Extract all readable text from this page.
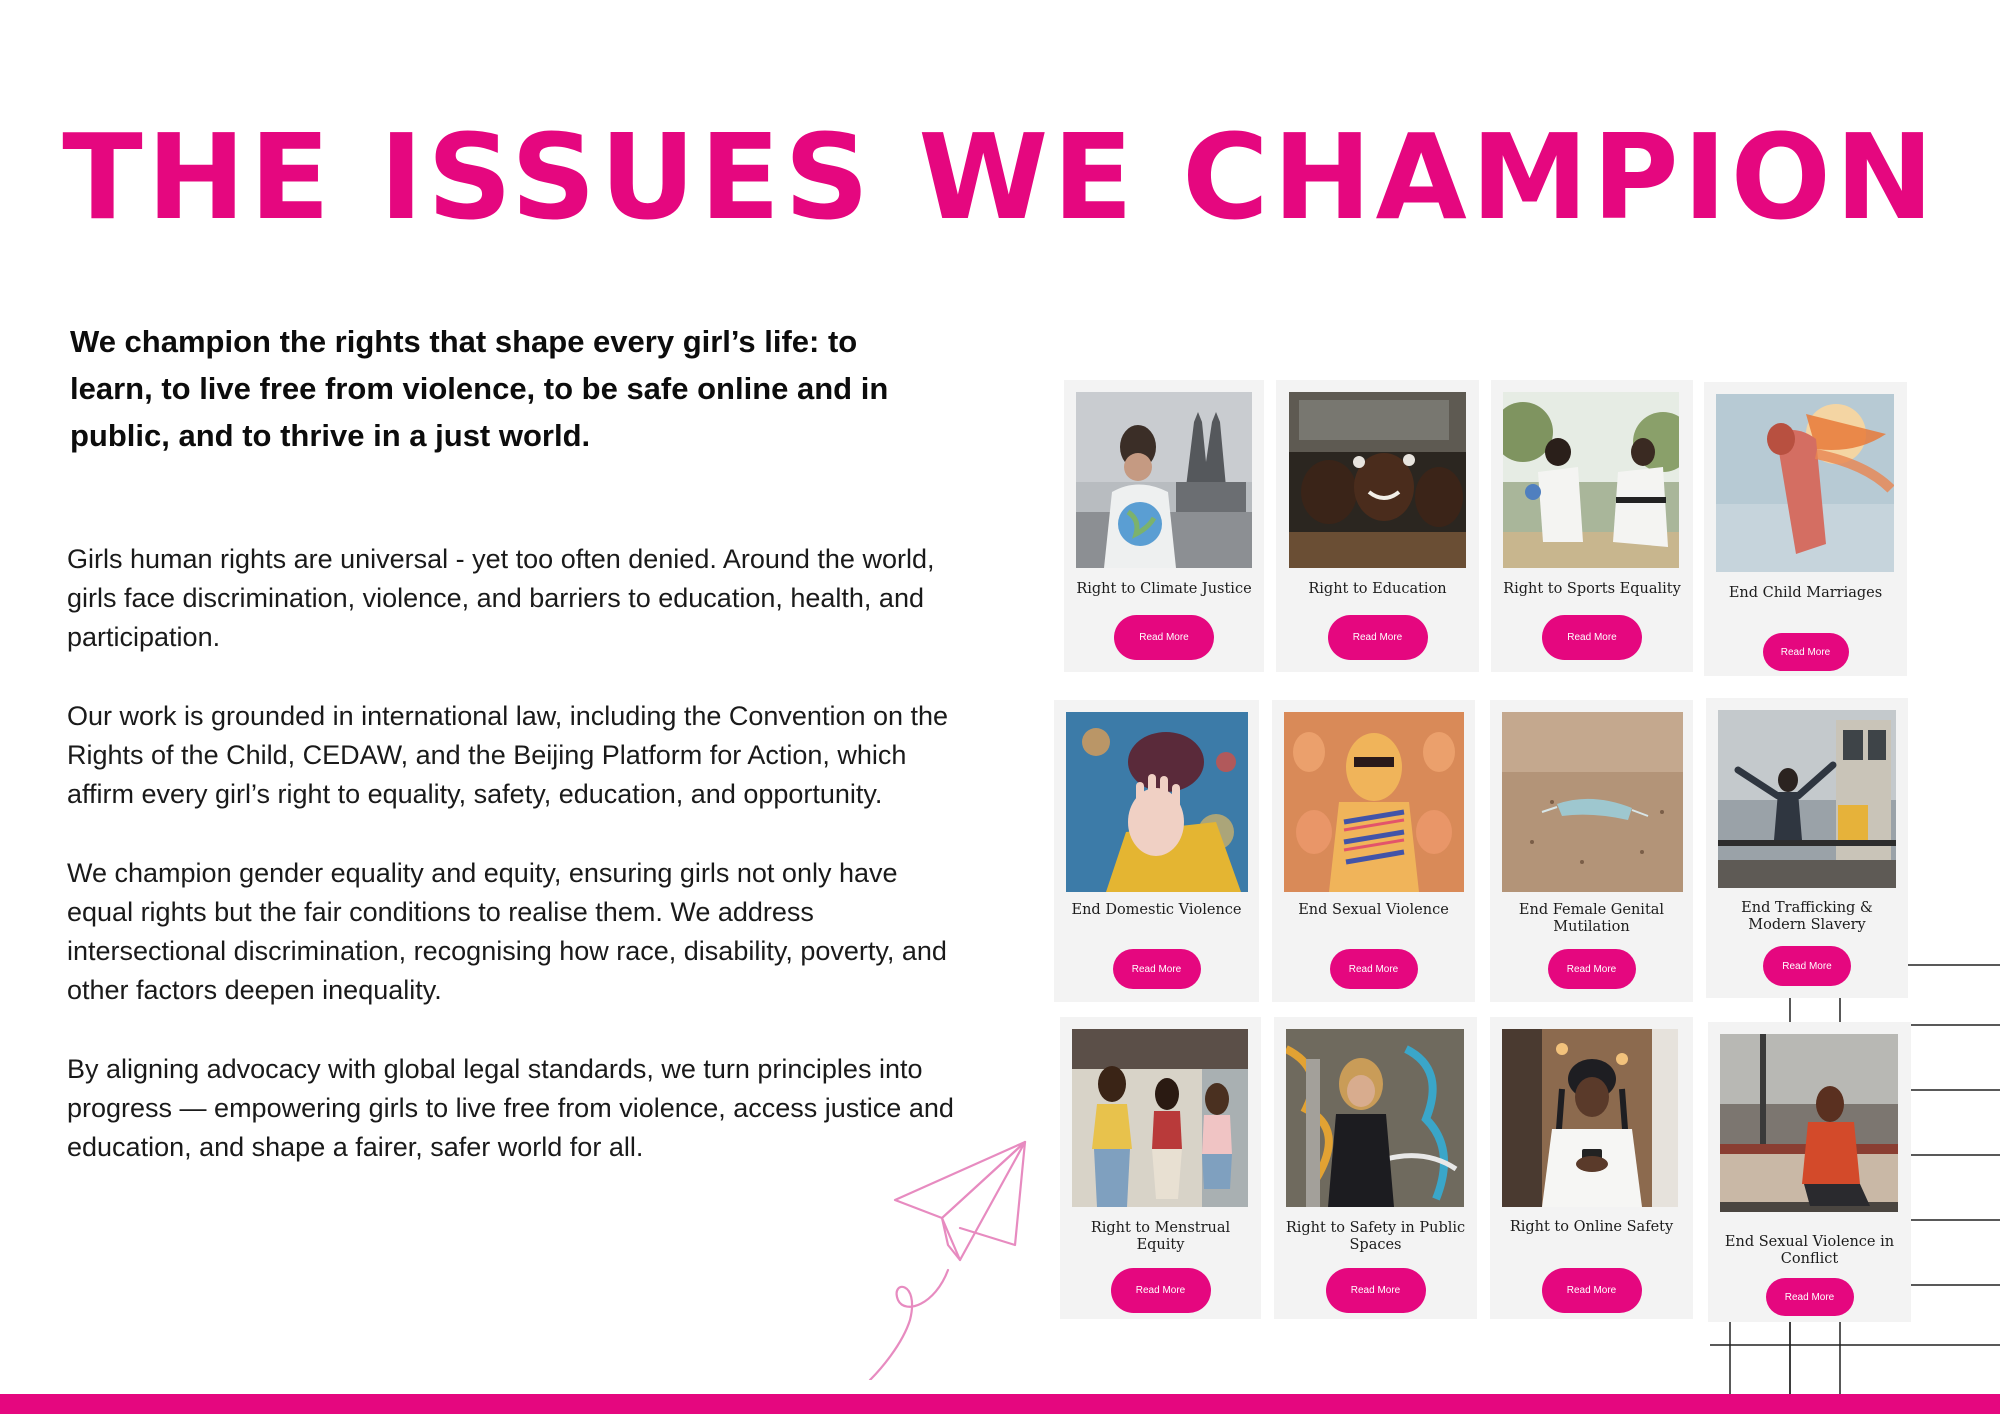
THE ISSUES WE CHAMPION

We champion the rights that shape every girl’s life: to learn, to live free from violence, to be safe online and in public, and to thrive in a just world.

Girls human rights are universal - yet too often denied. Around the world, girls face discrimination, violence, and barriers to education, health, and participation.

Our work is grounded in international law, including the Convention on the Rights of the Child, CEDAW, and the Beijing Platform for Action, which affirm every girl’s right to equality, safety, education, and opportunity.

We champion gender equality and equity, ensuring girls not only have equal rights but the fair conditions to realise them. We address intersectional discrimination, recognising how race, disability, poverty, and other factors deepen inequality.

By aligning advocacy with global legal standards, we turn principles into progress — empowering girls to live free from violence, access justice and education, and shape a fairer, safer world for all.

Right to Climate Justice
Read More
Right to Education
Read More
Right to Sports Equality
Read More
End Child Marriages
Read More
End Domestic Violence
Read More
End Sexual Violence
Read More
End Female Genital Mutilation
Read More
End Trafficking & Modern Slavery
Read More
Right to Menstrual Equity
Read More
Right to Safety in Public Spaces
Read More
Right to Online Safety
Read More
End Sexual Violence in Conflict
Read More
